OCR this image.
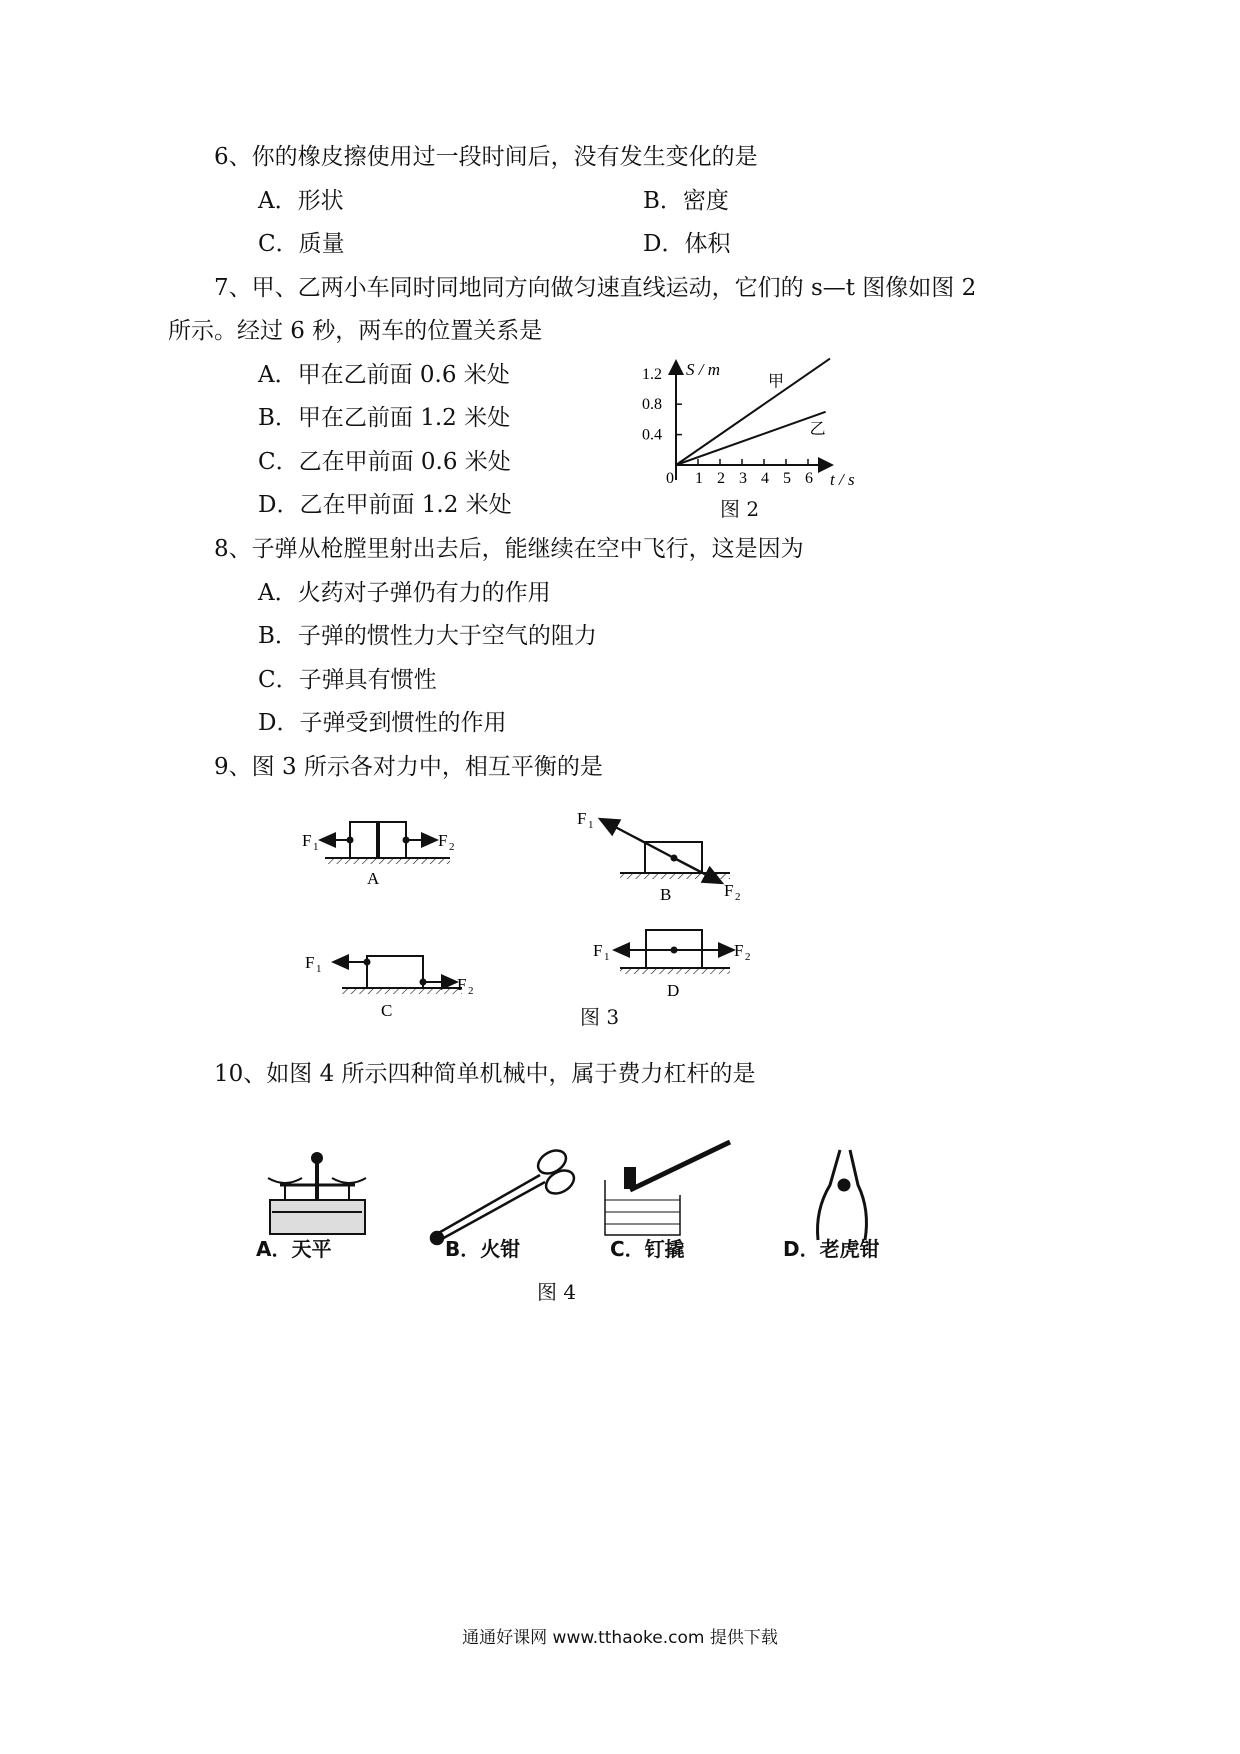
6、你的橡皮擦使用过一段时间后，没有发生变化的是
A．形状	B．密度
C．质量	D．体积
7、甲、乙两小车同时同地同方向做匀速直线运动，它们的 s—t 图像如图 2
所示。经过 6 秒，两车的位置关系是
A．甲在乙前面 0.6 米处
B．甲在乙前面 1.2 米处
C．乙在甲前面 0.6 米处
D．乙在甲前面 1.2 米处
S / m
t / s
0 1 2 3 4 5 6
0.4
0.8
1.2	甲
乙
图 2
8、子弹从枪膛里射出去后，能继续在空中飞行，这是因为
A．火药对子弹仍有力的作用
B．子弹的惯性力大于空气的阻力
C．子弹具有惯性
D．子弹受到惯性的作用
9、图 3 所示各对力中，相互平衡的是
F 1	F 2
A
F 1
F 2
B
F 1
F 2
C
F 1	F 2
D
图 3
10、如图 4 所示四种简单机械中，属于费力杠杆的是
A．天平	B．火钳	C．钉撬	D．老虎钳
图 4
通通好课网 www.tthaoke.com 提供下载
